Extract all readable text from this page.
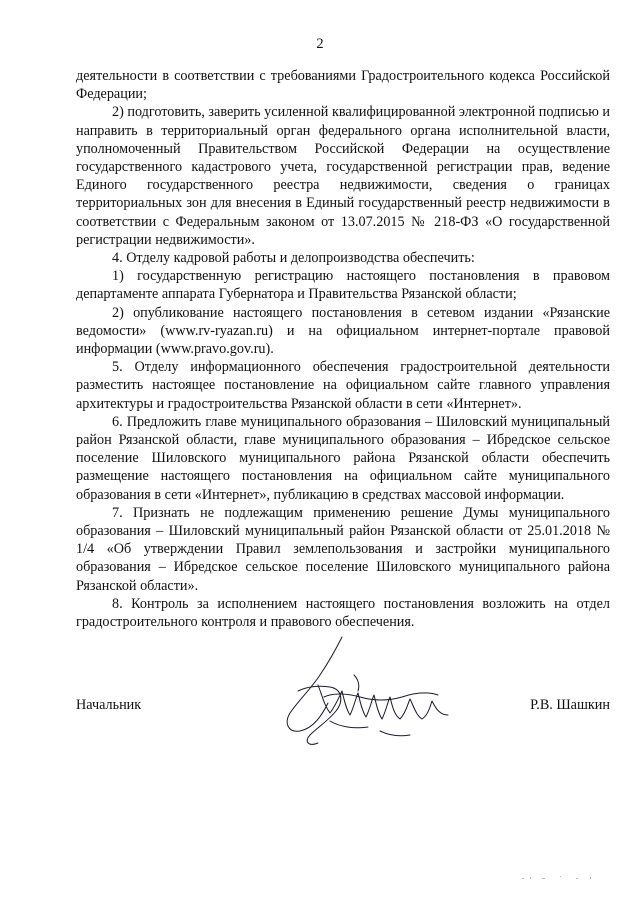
2

деятельности в соответствии с требованиями Градостроительного кодекса Российской Федерации;

2) подготовить, заверить усиленной квалифицированной электронной подписью и направить в территориальный орган федерального органа исполнительной власти, уполномоченный Правительством Российской Федерации на осуществление государственного кадастрового учета, государственной регистрации прав, ведение Единого государственного реестра недвижимости, сведения о границах территориальных зон для внесения в Единый государственный реестр недвижимости в соответствии с Федеральным законом от 13.07.2015 № 218-ФЗ «О государственной регистрации недвижимости».

4. Отделу кадровой работы и делопроизводства обеспечить:

1) государственную регистрацию настоящего постановления в правовом департаменте аппарата Губернатора и Правительства Рязанской области;

2) опубликование настоящего постановления в сетевом издании «Рязанские ведомости» (www.rv-ryazan.ru) и на официальном интернет-портале правовой информации (www.pravo.gov.ru).

5. Отделу информационного обеспечения градостроительной деятельности разместить настоящее постановление на официальном сайте главного управления архитектуры и градостроительства Рязанской области в сети «Интернет».

6. Предложить главе муниципального образования – Шиловский муниципальный район Рязанской области, главе муниципального образования – Ибредское сельское поселение Шиловского муниципального района Рязанской области обеспечить размещение настоящего постановления на официальном сайте муниципального образования в сети «Интернет», публикацию в средствах массовой информации.

7. Признать не подлежащим применению решение Думы муниципального образования – Шиловский муниципальный район Рязанской области от 25.01.2018 № 1/4 «Об утверждении Правил землепользования и застройки муниципального образования – Ибредское сельское поселение Шиловского муниципального района Рязанской области».

8. Контроль за исполнением настоящего постановления возложить на отдел градостроительного контроля и правового обеспечения.

Начальник	Р.В. Шашкин
